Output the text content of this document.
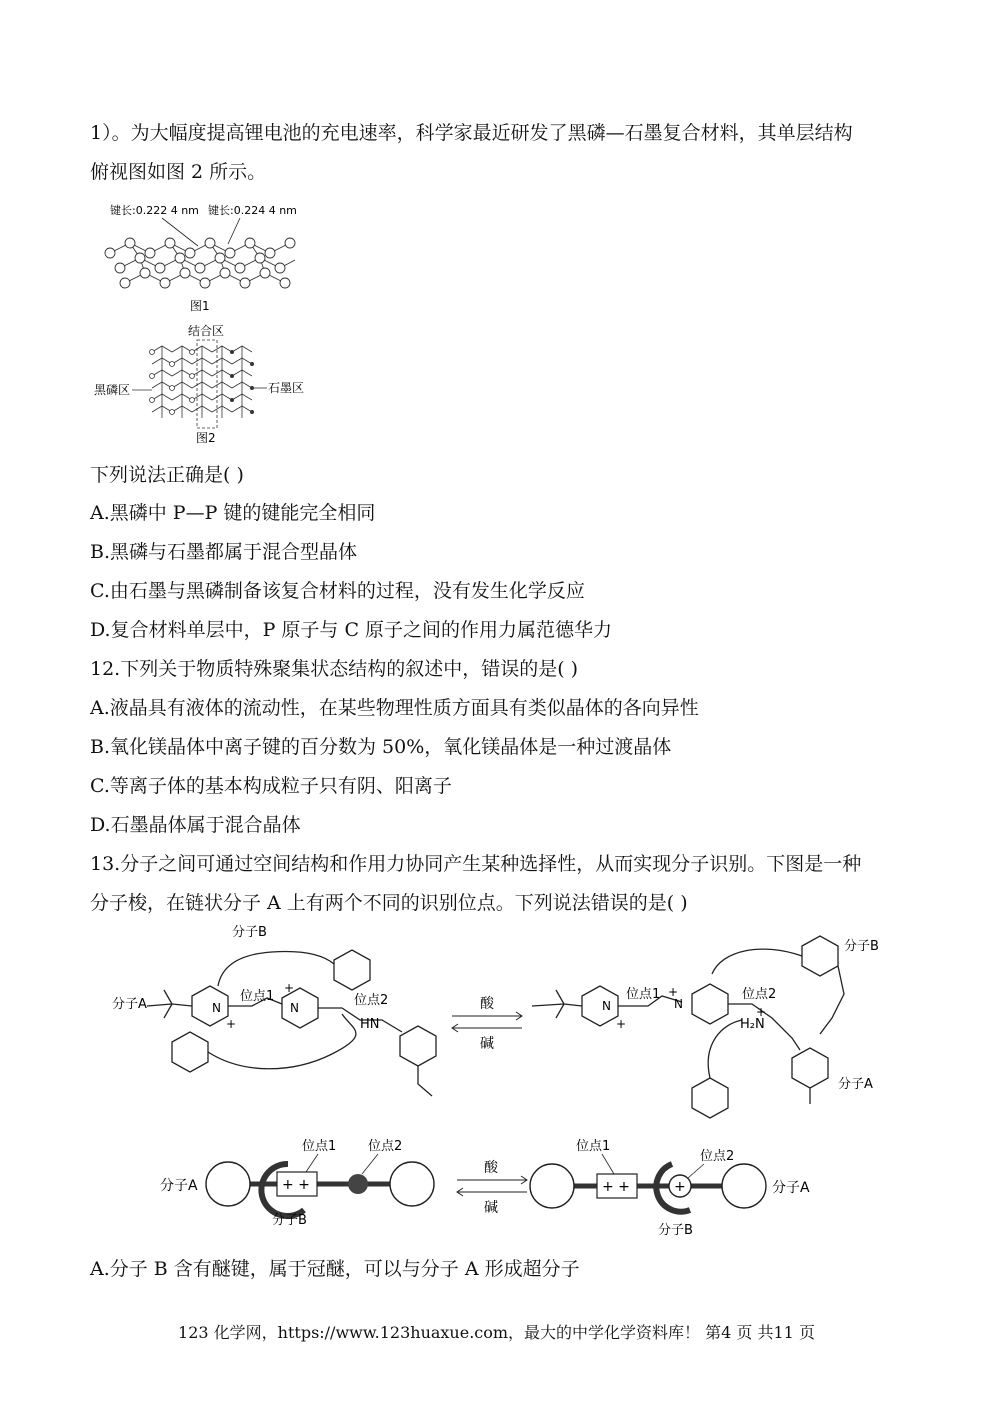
1）。为大幅度提高锂电池的充电速率，科学家最近研发了黑磷—石墨复合材料，其单层结构
俯视图如图 2 所示。
键长:0.222 4 nm 键长:0.224 4 nm
图1
结合区
黑磷区	石墨区
图2
下列说法正确是( )
A.黑磷中 P—P 键的键能完全相同
B.黑磷与石墨都属于混合型晶体
C.由石墨与黑磷制备该复合材料的过程，没有发生化学反应
D.复合材料单层中，P 原子与 C 原子之间的作用力属范德华力
12.下列关于物质特殊聚集状态结构的叙述中，错误的是( )
A.液晶具有液体的流动性，在某些物理性质方面具有类似晶体的各向异性
B.氧化镁晶体中离子键的百分数为 50%，氧化镁晶体是一种过渡晶体
C.等离子体的基本构成粒子只有阴、阳离子
D.石墨晶体属于混合晶体
13.分子之间可通过空间结构和作用力协同产生某种选择性，从而实现分子识别。下图是一种
分子梭，在链状分子 A 上有两个不同的识别位点。下列说法错误的是( )
分子A
分子B
位点1	位点2
N	N
+
+
HN
酸
碱
分子B
分子A
位点1	位点2
N	N
+
+
H₂N
+
分子A	+ +
位点1 位点2
分子B
酸
碱
+ +	+
位点1
位点2
分子B
分子A
A.分子 B 含有醚键，属于冠醚，可以与分子 A 形成超分子
123 化学网，https://www.123huaxue.com，最大的中学化学资料库！ 第4 页 共11 页
